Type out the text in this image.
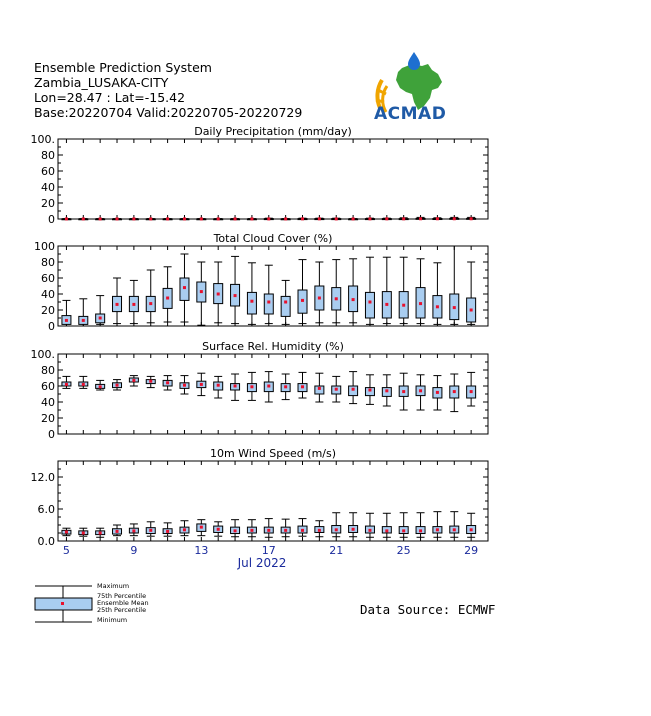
Ensemble Prediction System
Zambia_LUSAKA-CITY
Lon=28.47 : Lat=-15.42
Base:20220704 Valid:20220705-20220729	ACMAD
Daily Precipitation (mm/day)
0
20
40
60
80
100.
Total Cloud Cover (%)
0
20
40
60
80
100
Surface Rel. Humidity (%)
0
20
40
60
80
100.
10m Wind Speed (m/s)
0.0
6.0
12.0
5	9	13	17	21	25	29
Jul 2022
Maximum
75th Percentile
Ensemble Mean
25th Percentile
Minimum
Data Source: ECMWF
